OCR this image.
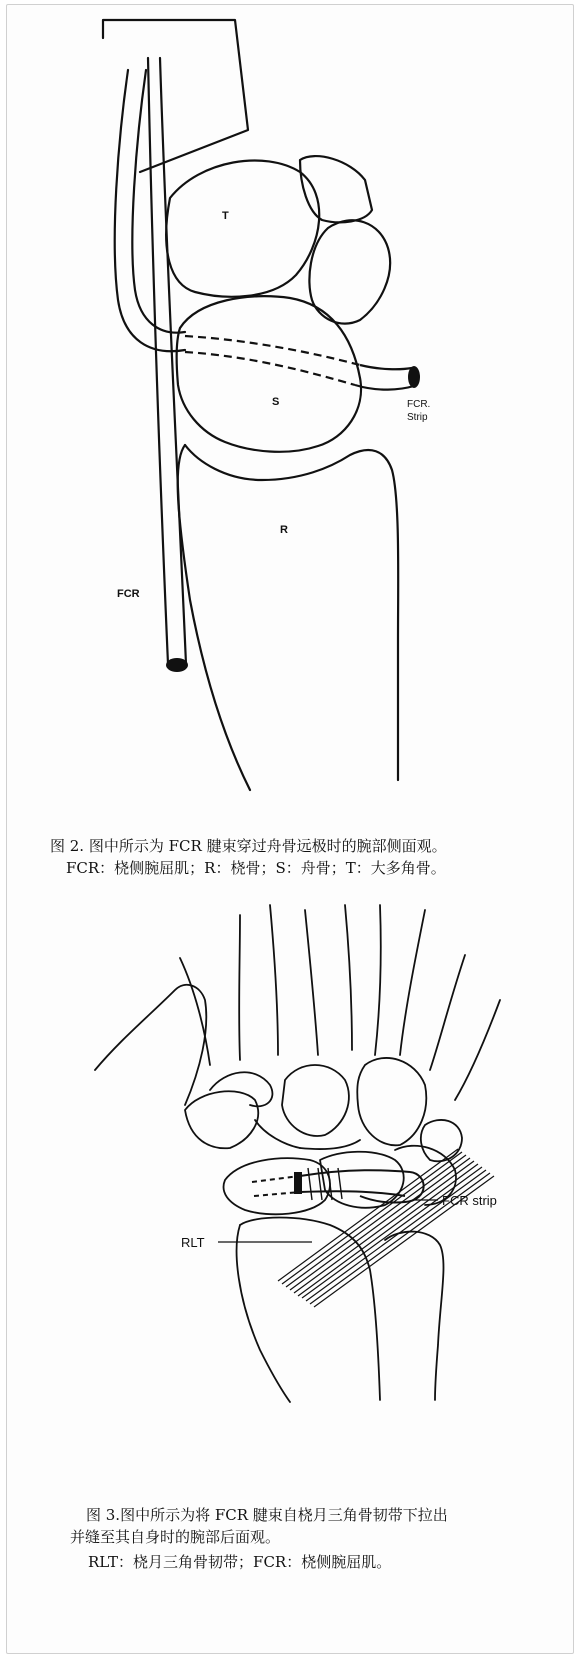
T
S
R
FCR
FCR.
Strip
图 2. 图中所示为 FCR 腱束穿过舟骨远极时的腕部侧面观。
FCR：桡侧腕屈肌；R：桡骨；S：舟骨；T：大多角骨。
FCR strip
RLT
图 3.图中所示为将 FCR 腱束自桡月三角骨韧带下拉出
并缝至其自身时的腕部后面观。
RLT：桡月三角骨韧带；FCR：桡侧腕屈肌。
